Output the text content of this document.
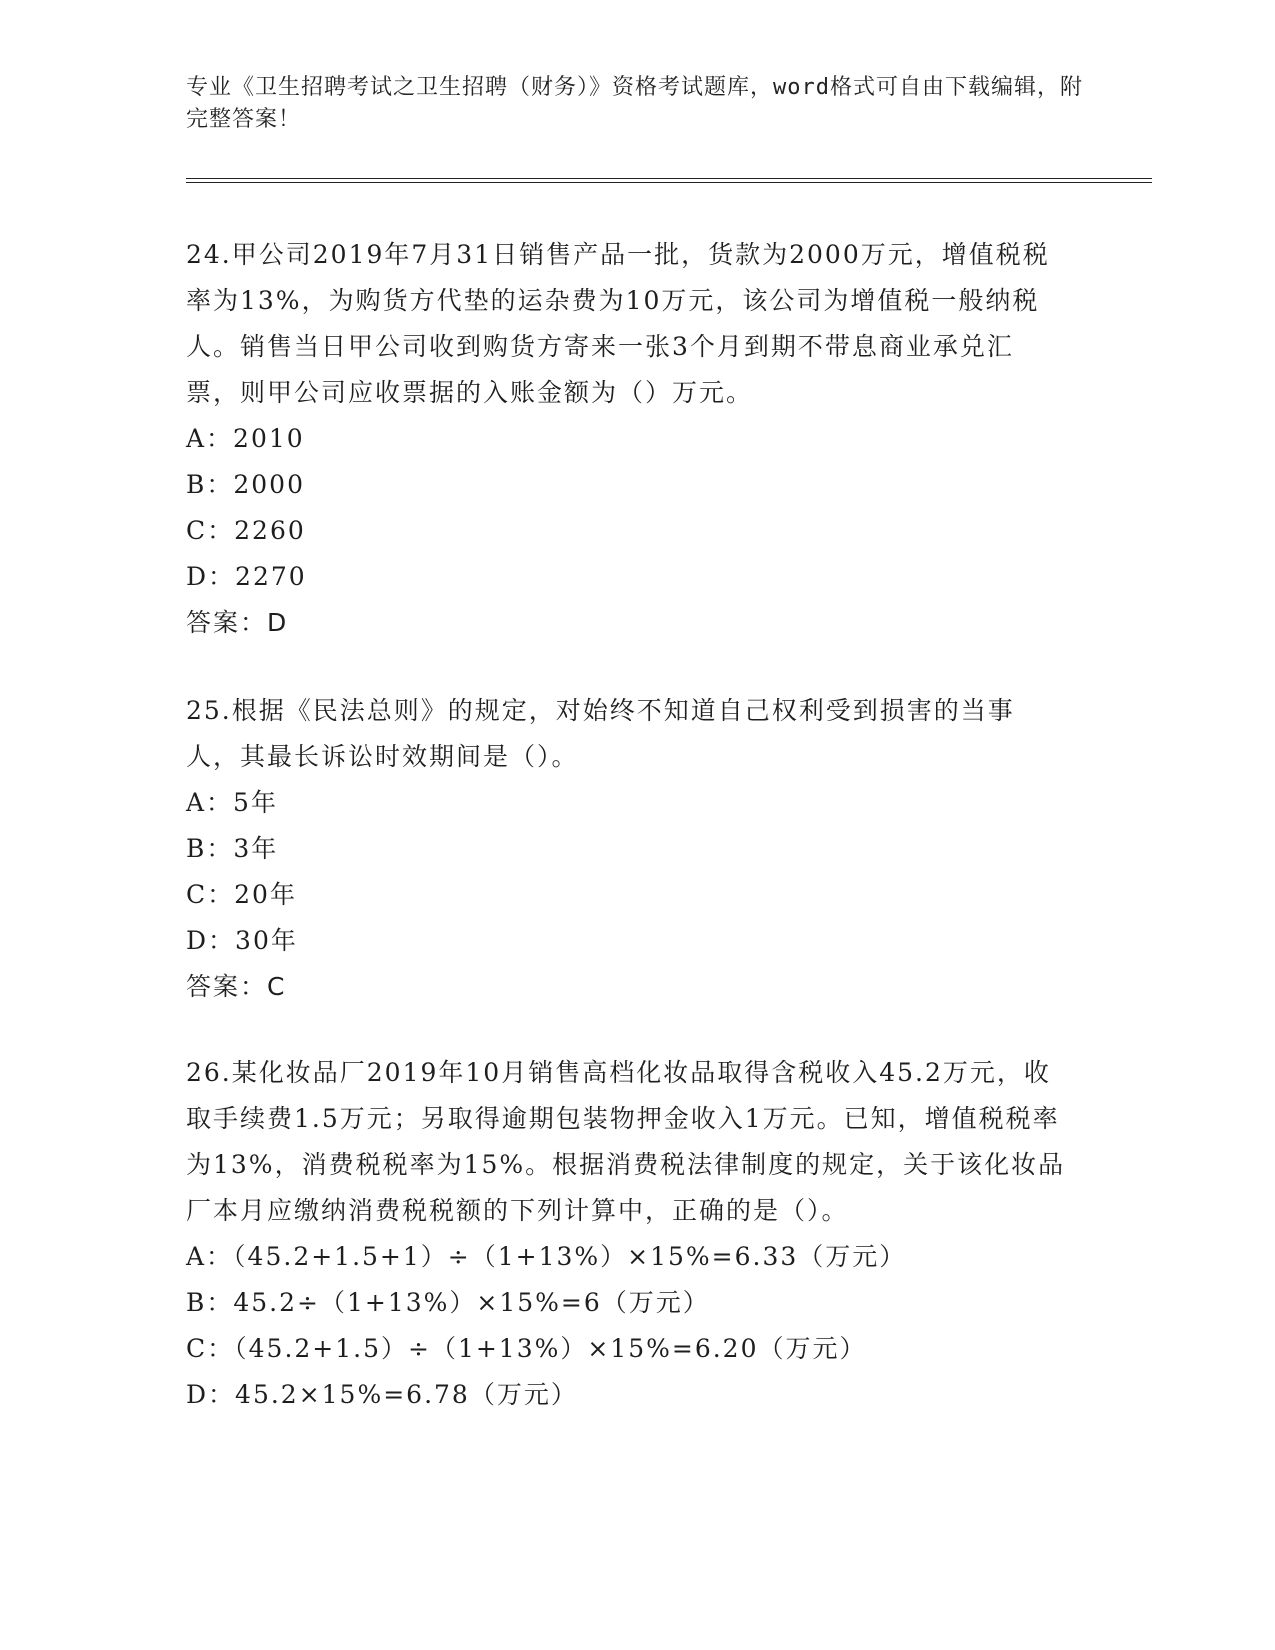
专业《卫生招聘考试之卫生招聘（财务）》资格考试题库，word格式可自由下载编辑，附完整答案！

24.甲公司2019年7月31日销售产品一批，货款为2000万元，增值税税率为13%，为购货方代垫的运杂费为10万元，该公司为增值税一般纳税人。销售当日甲公司收到购货方寄来一张3个月到期不带息商业承兑汇票，则甲公司应收票据的入账金额为（）万元。

A：2010

B：2000

C：2260

D：2270

答案：D

25.根据《民法总则》的规定，对始终不知道自己权利受到损害的当事人，其最长诉讼时效期间是（）。

A：5年

B：3年

C：20年

D：30年

答案：C

26.某化妆品厂2019年10月销售高档化妆品取得含税收入45.2万元，收取手续费1.5万元；另取得逾期包装物押金收入1万元。已知，增值税税率为13%，消费税税率为15%。根据消费税法律制度的规定，关于该化妆品厂本月应缴纳消费税税额的下列计算中，正确的是（）。

A：（45.2+1.5+1）÷（1+13%）×15%=6.33（万元）

B：45.2÷（1+13%）×15%=6（万元）

C：（45.2+1.5）÷（1+13%）×15%=6.20（万元）

D：45.2×15%=6.78（万元）
